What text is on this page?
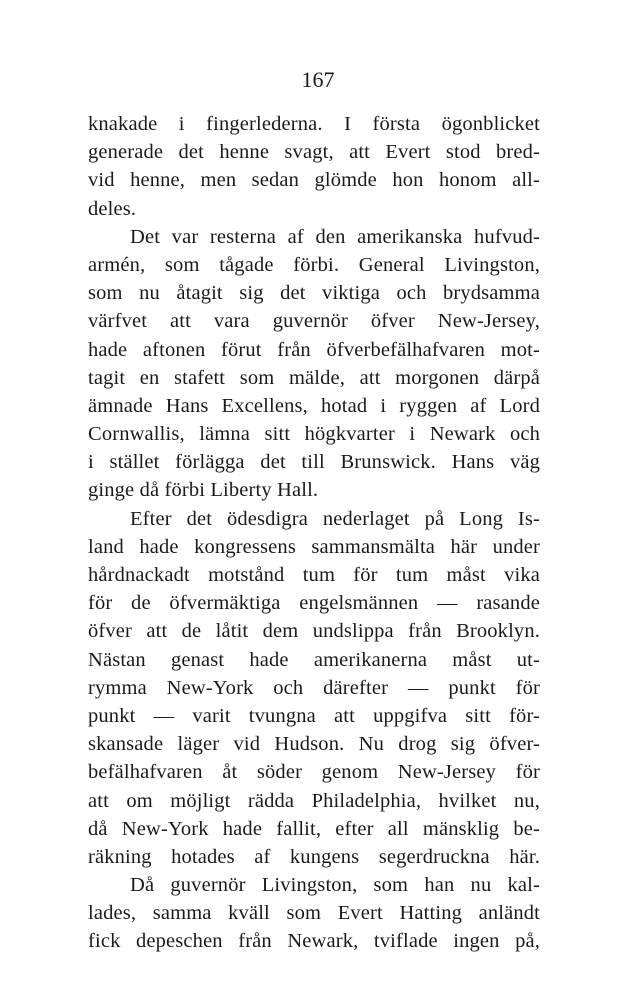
167
knakade i fingerlederna. I första ögonblicket
generade det henne svagt, att Evert stod bred-
vid henne, men sedan glömde hon honom all-
deles.
Det var resterna af den amerikanska hufvud-
armén, som tågade förbi. General Livingston,
som nu åtagit sig det viktiga och brydsamma
värfvet att vara guvernör öfver New-Jersey,
hade aftonen förut från öfverbefälhafvaren mot-
tagit en stafett som mälde, att morgonen därpå
ämnade Hans Excellens, hotad i ryggen af Lord
Cornwallis, lämna sitt högkvarter i Newark och
i stället förlägga det till Brunswick. Hans väg
ginge då förbi Liberty Hall.
Efter det ödesdigra nederlaget på Long Is-
land hade kongressens sammansmälta här under
hårdnackadt motstånd tum för tum måst vika
för de öfvermäktiga engelsmännen — rasande
öfver att de låtit dem undslippa från Brooklyn.
Nästan genast hade amerikanerna måst ut-
rymma New-York och därefter — punkt för
punkt — varit tvungna att uppgifva sitt för-
skansade läger vid Hudson. Nu drog sig öfver-
befälhafvaren åt söder genom New-Jersey för
att om möjligt rädda Philadelphia, hvilket nu,
då New-York hade fallit, efter all mänsklig be-
räkning hotades af kungens segerdruckna här.
Då guvernör Livingston, som han nu kal-
lades, samma kväll som Evert Hatting anländt
fick depeschen från Newark, tviflade ingen på,
